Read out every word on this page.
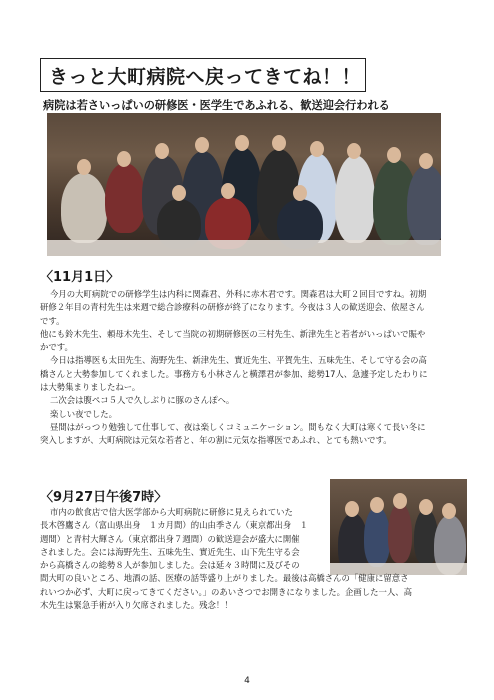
きっと大町病院へ戻ってきてね！！
病院は若さいっぱいの研修医・医学生であふれる、歓送迎会行われる
〈11月1日〉

今月の大町病院での研修学生は内科に関森君、外科に赤木君です。関森君は大町２回目ですね。初期

研修２年目の青村先生は来週で総合診療科の研修が終了になります。今夜は３人の歓送迎会、依屋さん

です。

他にも鈴木先生、頼母木先生、そして当院の初期研修医の三村先生、新津先生と若者がいっぱいで賑や

かです。

今日は指導医も太田先生、海野先生、新津先生、實近先生、平賀先生、五味先生、そして守る会の高

橋さんと大勢参加してくれました。事務方も小林さんと横澤君が参加、総勢17人、急遽予定したわりに

は大勢集まりましたねー。

二次会は腹ペコ５人で久しぶりに豚のさんぽへ。

楽しい夜でした。

昼間はがっつり勉強して仕事して、夜は楽しくコミュニケーション。間もなく大町は寒くて長い冬に

突入しますが、大町病院は元気な若者と、年の割に元気な指導医であふれ、とても熱いです。

〈9月27日午後7時〉

市内の飲食店で信大医学部から大町病院に研修に見えられていた

長木啓鷹さん（富山県出身　１カ月間）的山由季さん（東京都出身　１

週間）と青村大輝さん（東京都出身７週間）の歓送迎会が盛大に開催

されました。会には海野先生、五味先生、實近先生、山下先生守る会

から高橋さんの総勢８人が参加しました。会は延々３時間に及びその

間大町の良いところ、地酒の話、医療の話等盛り上がりました。最後は高橋さんの「健康に留意さ

れいつか必ず、大町に戻ってきてください。」のあいさつでお開きになりました。企画した一人、高

木先生は緊急手術が入り欠席されました。残念！！

4
